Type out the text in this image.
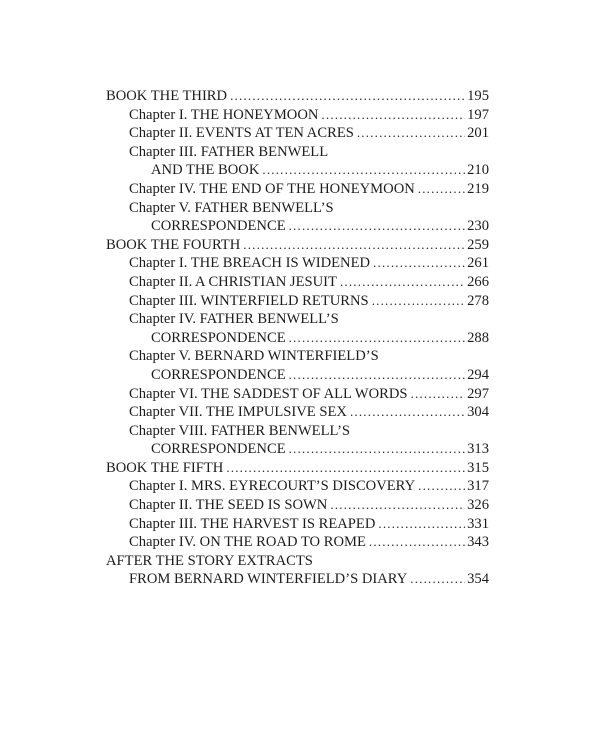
BOOK THE THIRD .....	195
Chapter I. THE HONEYMOON .....	197
Chapter II. EVENTS AT TEN ACRES .....	201
Chapter III. FATHER BENWELL
AND THE BOOK .....	210
Chapter IV. THE END OF THE HONEYMOON .....	219
Chapter V. FATHER BENWELL’S
CORRESPONDENCE .....	230
BOOK THE FOURTH .....	259
Chapter I. THE BREACH IS WIDENED .....	261
Chapter II. A CHRISTIAN JESUIT .....	266
Chapter III. WINTERFIELD RETURNS .....	278
Chapter IV. FATHER BENWELL’S
CORRESPONDENCE .....	288
Chapter V. BERNARD WINTERFIELD’S
CORRESPONDENCE .....	294
Chapter VI. THE SADDEST OF ALL WORDS .....	297
Chapter VII. THE IMPULSIVE SEX .....	304
Chapter VIII. FATHER BENWELL’S
CORRESPONDENCE .....	313
BOOK THE FIFTH .....	315
Chapter I. MRS. EYRECOURT’S DISCOVERY .....	317
Chapter II. THE SEED IS SOWN .....	326
Chapter III. THE HARVEST IS REAPED .....	331
Chapter IV. ON THE ROAD TO ROME .....	343
AFTER THE STORY EXTRACTS
FROM BERNARD WINTERFIELD’S DIARY .....	354
